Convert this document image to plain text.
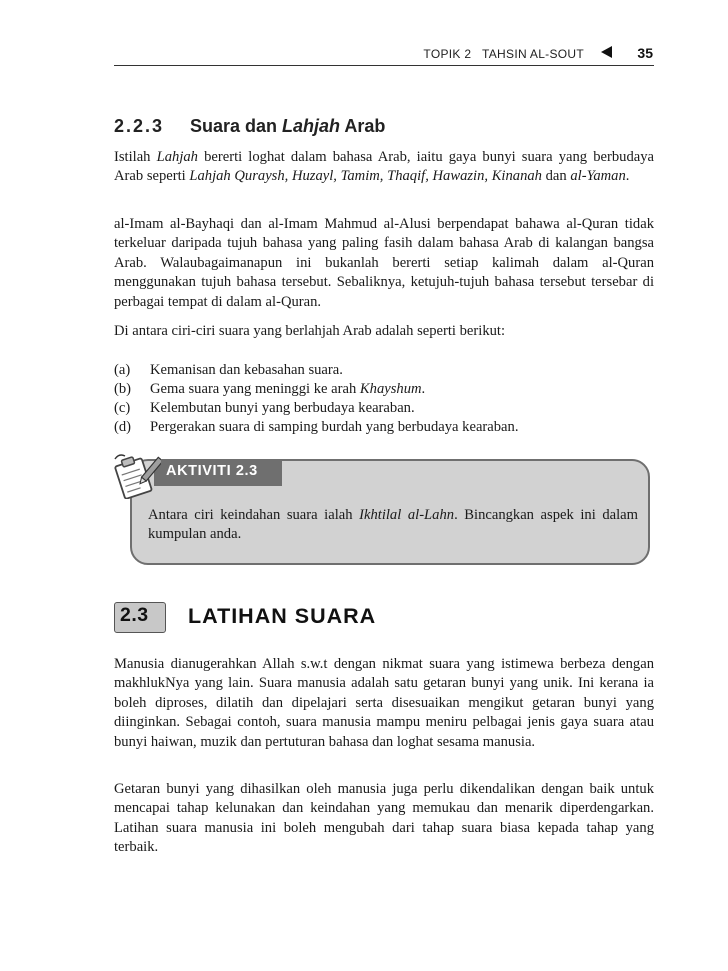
TOPIK 2   TAHSIN AL-SOUT	35
2.2.3 Suara dan Lahjah Arab

Istilah Lahjah bererti loghat dalam bahasa Arab, iaitu gaya bunyi suara yang berbudaya Arab seperti Lahjah Quraysh, Huzayl, Tamim, Thaqif, Hawazin, Kinanah dan al-Yaman.

al-Imam al-Bayhaqi dan al-Imam Mahmud al-Alusi berpendapat bahawa al-Quran tidak terkeluar daripada tujuh bahasa yang paling fasih dalam bahasa Arab di kalangan bangsa Arab. Walaubagaimanapun ini bukanlah bererti setiap kalimah dalam al-Quran menggunakan tujuh bahasa tersebut. Sebaliknya, ketujuh-tujuh bahasa tersebut tersebar di perbagai tempat di dalam al-Quran.

Di antara ciri-ciri suara yang berlahjah Arab adalah seperti berikut:

(a) Kemanisan dan kebasahan suara.
(b) Gema suara yang meninggi ke arah Khayshum.
(c) Kelembutan bunyi yang berbudaya kearaban.
(d) Pergerakan suara di samping burdah yang berbudaya kearaban.
AKTIVITI 2.3
Antara ciri keindahan suara ialah Ikhtilal al-Lahn. Bincangkan aspek ini dalam kumpulan anda.
2.3 LATIHAN SUARA

Manusia dianugerahkan Allah s.w.t dengan nikmat suara yang istimewa berbeza dengan makhlukNya yang lain. Suara manusia adalah satu getaran bunyi yang unik. Ini kerana ia boleh diproses, dilatih dan dipelajari serta disesuaikan mengikut getaran bunyi yang diinginkan. Sebagai contoh, suara manusia mampu meniru pelbagai jenis gaya suara atau bunyi haiwan, muzik dan pertuturan bahasa dan loghat sesama manusia.

Getaran bunyi yang dihasilkan oleh manusia juga perlu dikendalikan dengan baik untuk mencapai tahap kelunakan dan keindahan yang memukau dan menarik diperdengarkan. Latihan suara manusia ini boleh mengubah dari tahap suara biasa kepada tahap yang terbaik.
